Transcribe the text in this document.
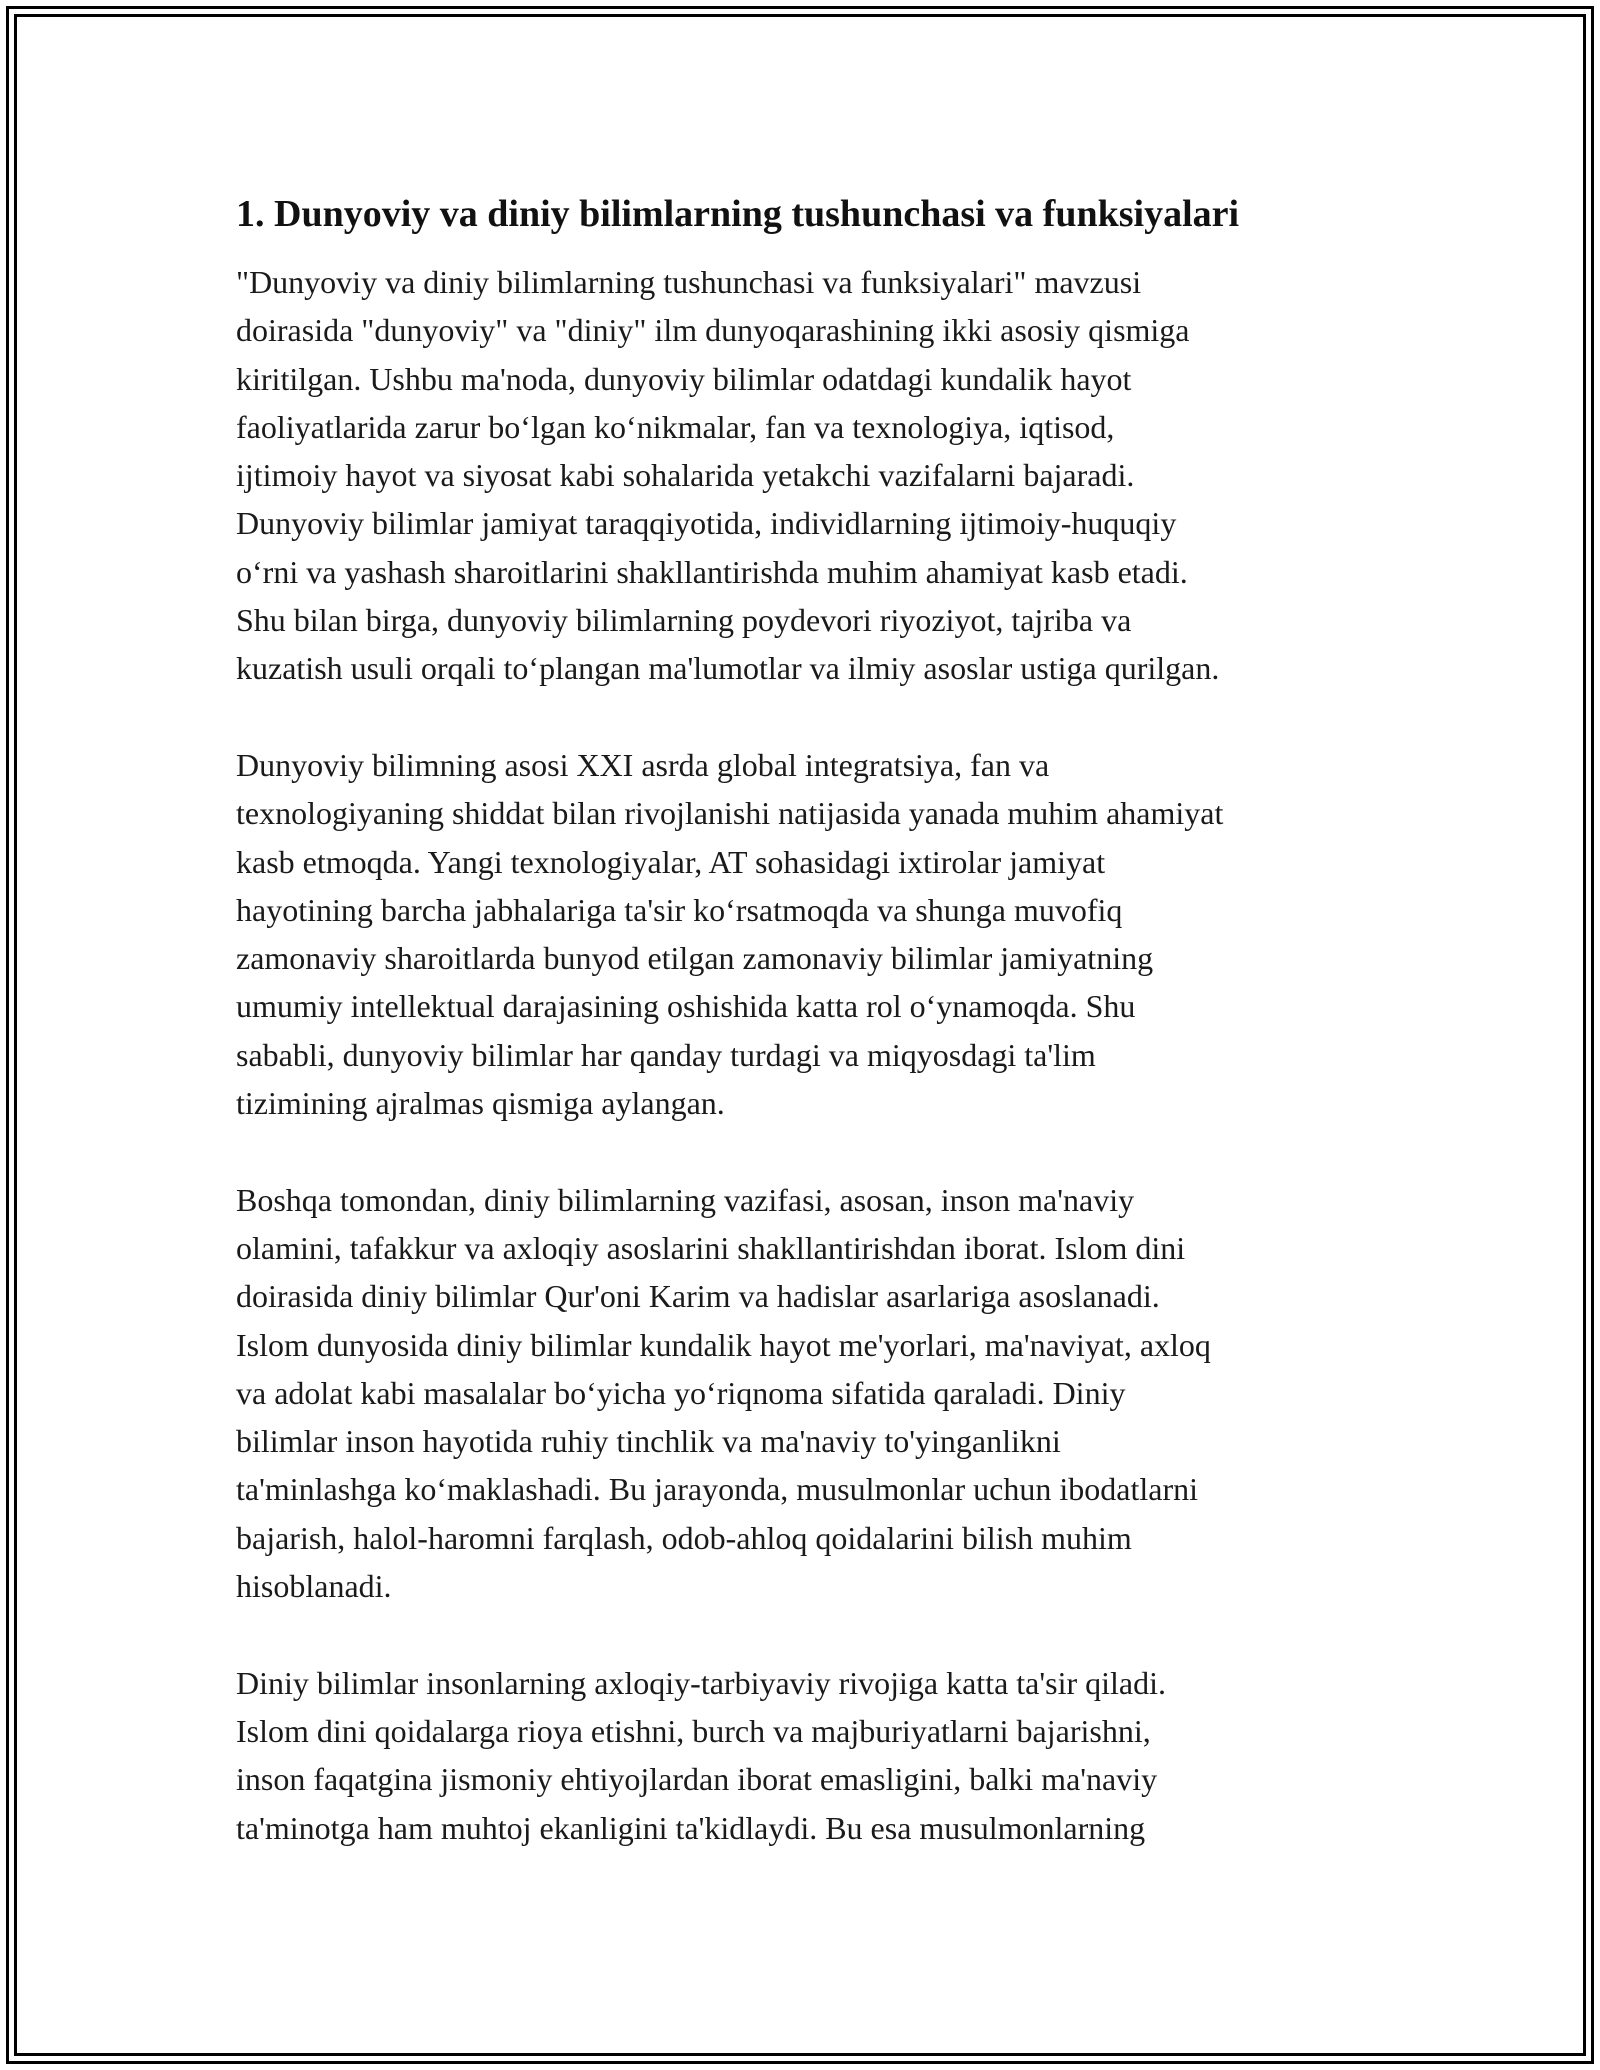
1. Dunyoviy va diniy bilimlarning tushunchasi va funksiyalari
"Dunyoviy va diniy bilimlarning tushunchasi va funksiyalari" mavzusi
doirasida "dunyoviy" va "diniy" ilm dunyoqarashining ikki asosiy qismiga
kiritilgan. Ushbu ma'noda, dunyoviy bilimlar odatdagi kundalik hayot
faoliyatlarida zarur boʻlgan koʻnikmalar, fan va texnologiya, iqtisod,
ijtimoiy hayot va siyosat kabi sohalarida yetakchi vazifalarni bajaradi.
Dunyoviy bilimlar jamiyat taraqqiyotida, individlarning ijtimoiy-huquqiy
oʻrni va yashash sharoitlarini shakllantirishda muhim ahamiyat kasb etadi.
Shu bilan birga, dunyoviy bilimlarning poydevori riyoziyot, tajriba va
kuzatish usuli orqali toʻplangan ma'lumotlar va ilmiy asoslar ustiga qurilgan.
Dunyoviy bilimning asosi XXI asrda global integratsiya, fan va
texnologiyaning shiddat bilan rivojlanishi natijasida yanada muhim ahamiyat
kasb etmoqda. Yangi texnologiyalar, AT sohasidagi ixtirolar jamiyat
hayotining barcha jabhalariga ta'sir koʻrsatmoqda va shunga muvofiq
zamonaviy sharoitlarda bunyod etilgan zamonaviy bilimlar jamiyatning
umumiy intellektual darajasining oshishida katta rol oʻynamoqda. Shu
sababli, dunyoviy bilimlar har qanday turdagi va miqyosdagi ta'lim
tizimining ajralmas qismiga aylangan.
Boshqa tomondan, diniy bilimlarning vazifasi, asosan, inson ma'naviy
olamini, tafakkur va axloqiy asoslarini shakllantirishdan iborat. Islom dini
doirasida diniy bilimlar Qur'oni Karim va hadislar asarlariga asoslanadi.
Islom dunyosida diniy bilimlar kundalik hayot me'yorlari, ma'naviyat, axloq
va adolat kabi masalalar boʻyicha yoʻriqnoma sifatida qaraladi. Diniy
bilimlar inson hayotida ruhiy tinchlik va ma'naviy to'yinganlikni
ta'minlashga koʻmaklashadi. Bu jarayonda, musulmonlar uchun ibodatlarni
bajarish, halol-haromni farqlash, odob-ahloq qoidalarini bilish muhim
hisoblanadi.
Diniy bilimlar insonlarning axloqiy-tarbiyaviy rivojiga katta ta'sir qiladi.
Islom dini qoidalarga rioya etishni, burch va majburiyatlarni bajarishni,
inson faqatgina jismoniy ehtiyojlardan iborat emasligini, balki ma'naviy
ta'minotga ham muhtoj ekanligini ta'kidlaydi. Bu esa musulmonlarning
